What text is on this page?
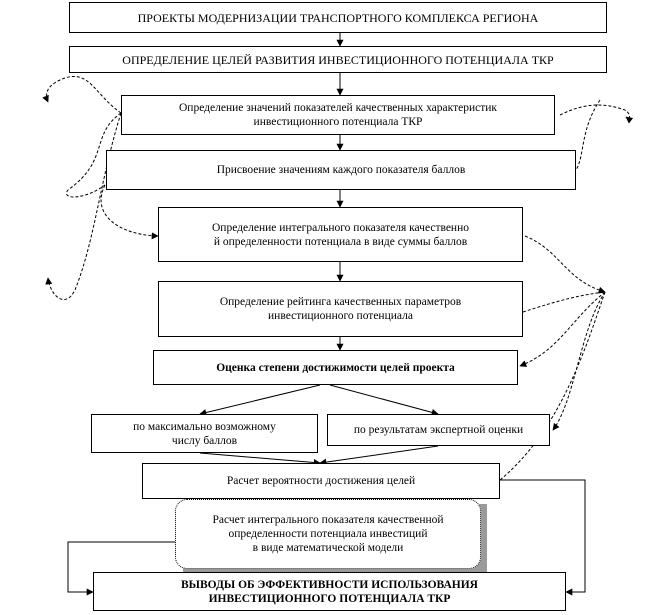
ПРОЕКТЫ МОДЕРНИЗАЦИИ ТРАНСПОРТНОГО КОМПЛЕКСА РЕГИОНА
ОПРЕДЕЛЕНИЕ ЦЕЛЕЙ РАЗВИТИЯ ИНВЕСТИЦИОННОГО ПОТЕНЦИАЛА ТКР
Определение значений показателей качественных характеристик
инвестиционного потенциала ТКР
Присвоение значениям каждого показателя баллов
Определение интегрального показателя качественно
й определенности потенциала в виде суммы баллов
Определение рейтинга качественных параметров
инвестиционного потенциала
Оценка степени достижимости целей проекта
по максимально возможному
числу баллов
по результатам экспертной оценки
Расчет вероятности достижения целей
Расчет интегрального показателя качественной
определенности потенциала инвестиций
в виде математической модели
ВЫВОДЫ ОБ ЭФФЕКТИВНОСТИ ИСПОЛЬЗОВАНИЯ
ИНВЕСТИЦИОННОГО ПОТЕНЦИАЛА ТКР
